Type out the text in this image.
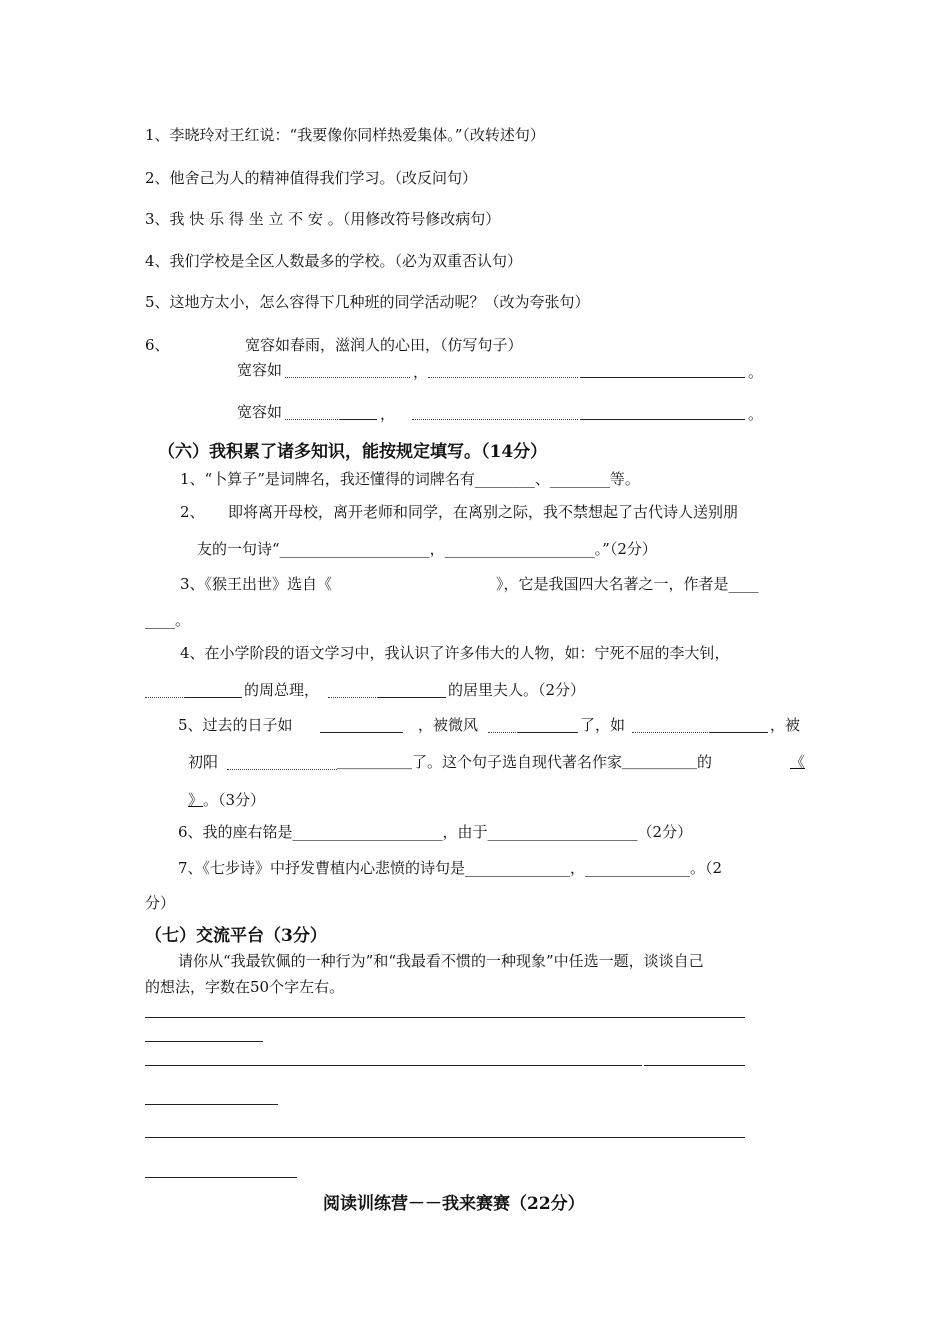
1、李晓玲对王红说：“我要像你同样热爱集体。”（改转述句）
2、他舍己为人的精神值得我们学习。（改反问句）
3、我 快 乐 得 坐 立 不 安 。（用修改符号修改病句）
4、我们学校是全区人数最多的学校。（必为双重否认句）
5、这地方太小，怎么容得下几种班的同学活动呢？（改为夸张句）
6、	宽容如春雨，滋润人的心田，（仿写句子）
宽容如	，	。
宽容如	，	。
（六）我积累了诸多知识，能按规定填写。（14分）
1、“卜算子”是词牌名，我还懂得的词牌名有________、________等。
2、 即将离开母校，离开老师和同学，在离别之际，我不禁想起了古代诗人送别朋
友的一句诗“____________________，____________________。”（2分）
3、《猴王出世》选自《	》，它是我国四大名著之一，作者是____
____。
4、在小学阶段的语文学习中，我认识了许多伟大的人物，如：宁死不屈的李大钊，
的周总理，	的居里夫人。（2分）
5、过去的日子如	，被微风	了，如	，被
初阳	＿＿＿＿＿了。这个句子选自现代著名作家＿＿＿＿＿的	《
》 。（3分）
6、我的座右铭是____________________，由于____________________（2分）
7、《七步诗》中抒发曹植内心悲愤的诗句是______________，______________。（2
分）
（七）交流平台（3分）
请你从“我最钦佩的一种行为”和“我最看不惯的一种现象”中任选一题，谈谈自己
的想法，字数在50个字左右。
阅读训练营－－我来赛赛（22分）
